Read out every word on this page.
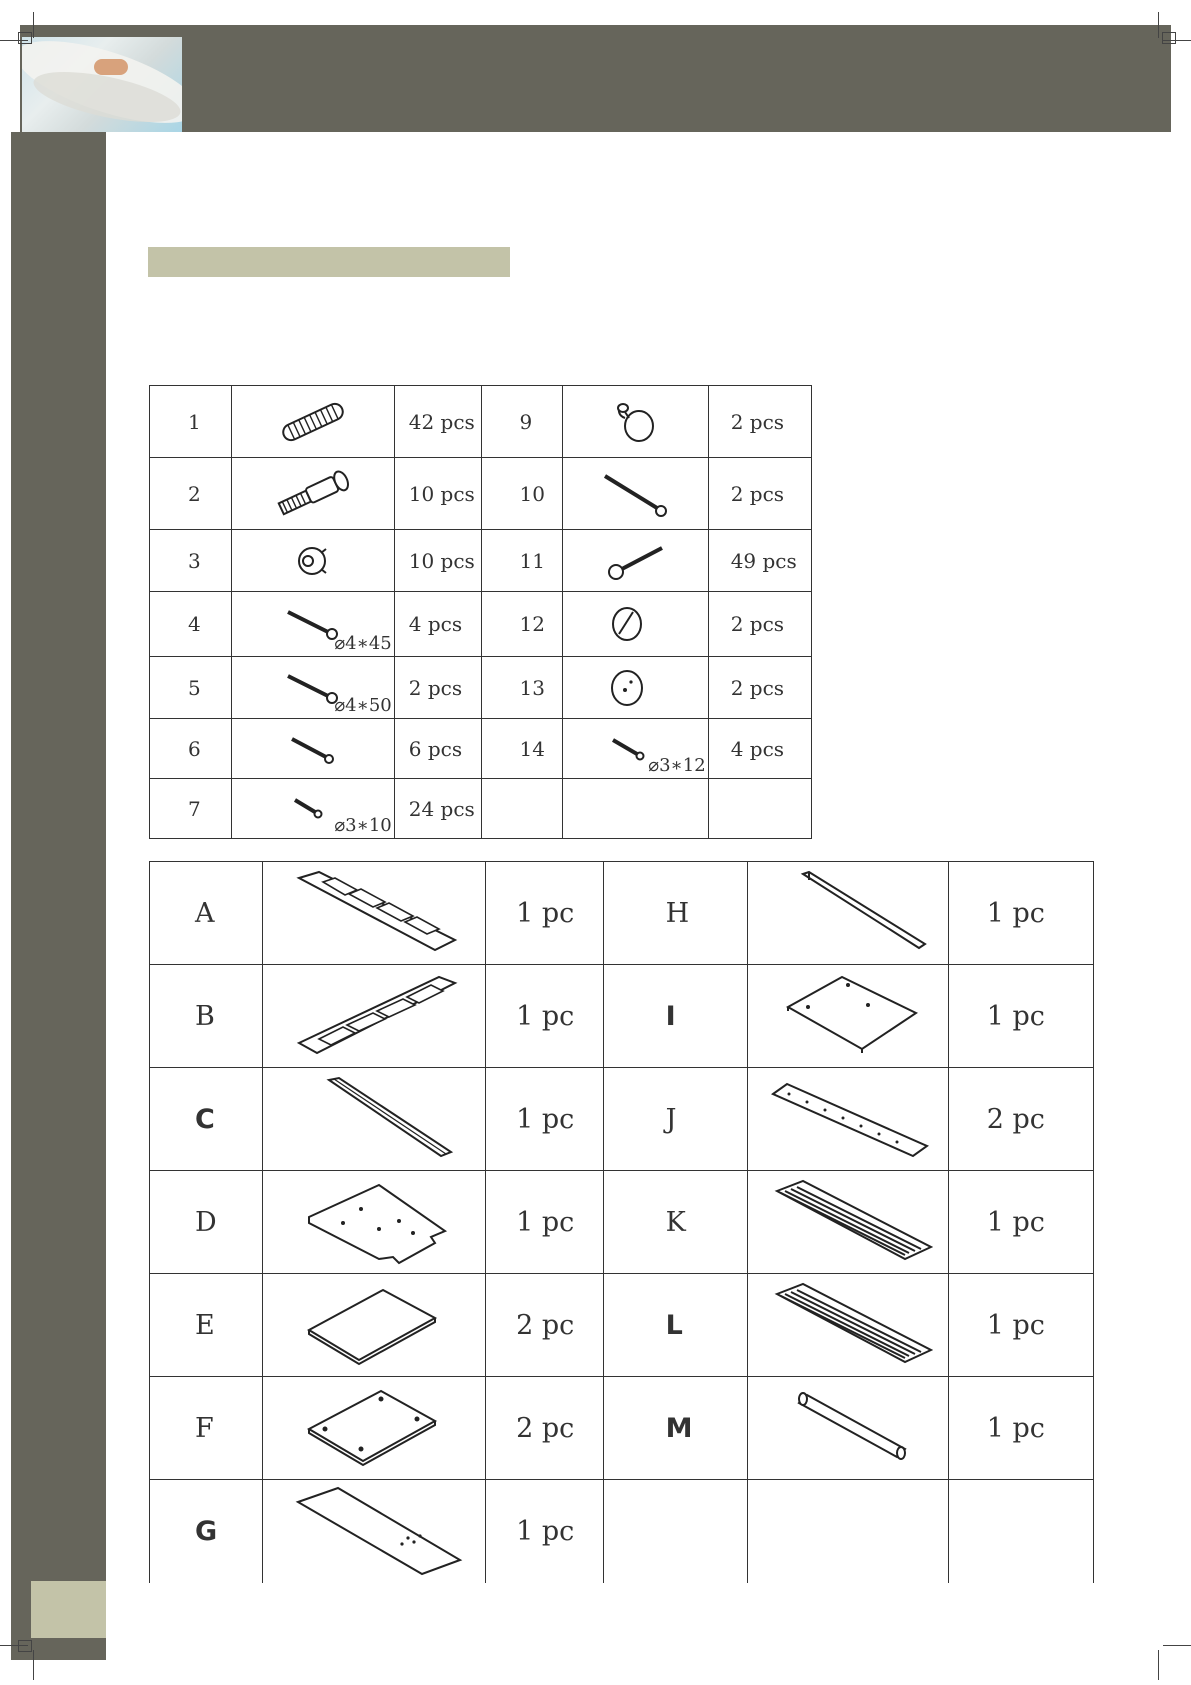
1		42 pcs	9		2 pcs
2		10 pcs	10		2 pcs
3		10 pcs	11		49 pcs
4	⌀4∗45	4 pcs	12		2 pcs
5	⌀4∗50	2 pcs	13		2 pcs
6		6 pcs	14	⌀3∗12	4 pcs
7	⌀3∗10	24 pcs			
A		1 pc	H		1 pc
B		1 pc	I		1 pc
C		1 pc	J		2 pc
D		1 pc	K		1 pc
E		2 pc	L		1 pc
F		2 pc	M		1 pc
G		1 pc			
